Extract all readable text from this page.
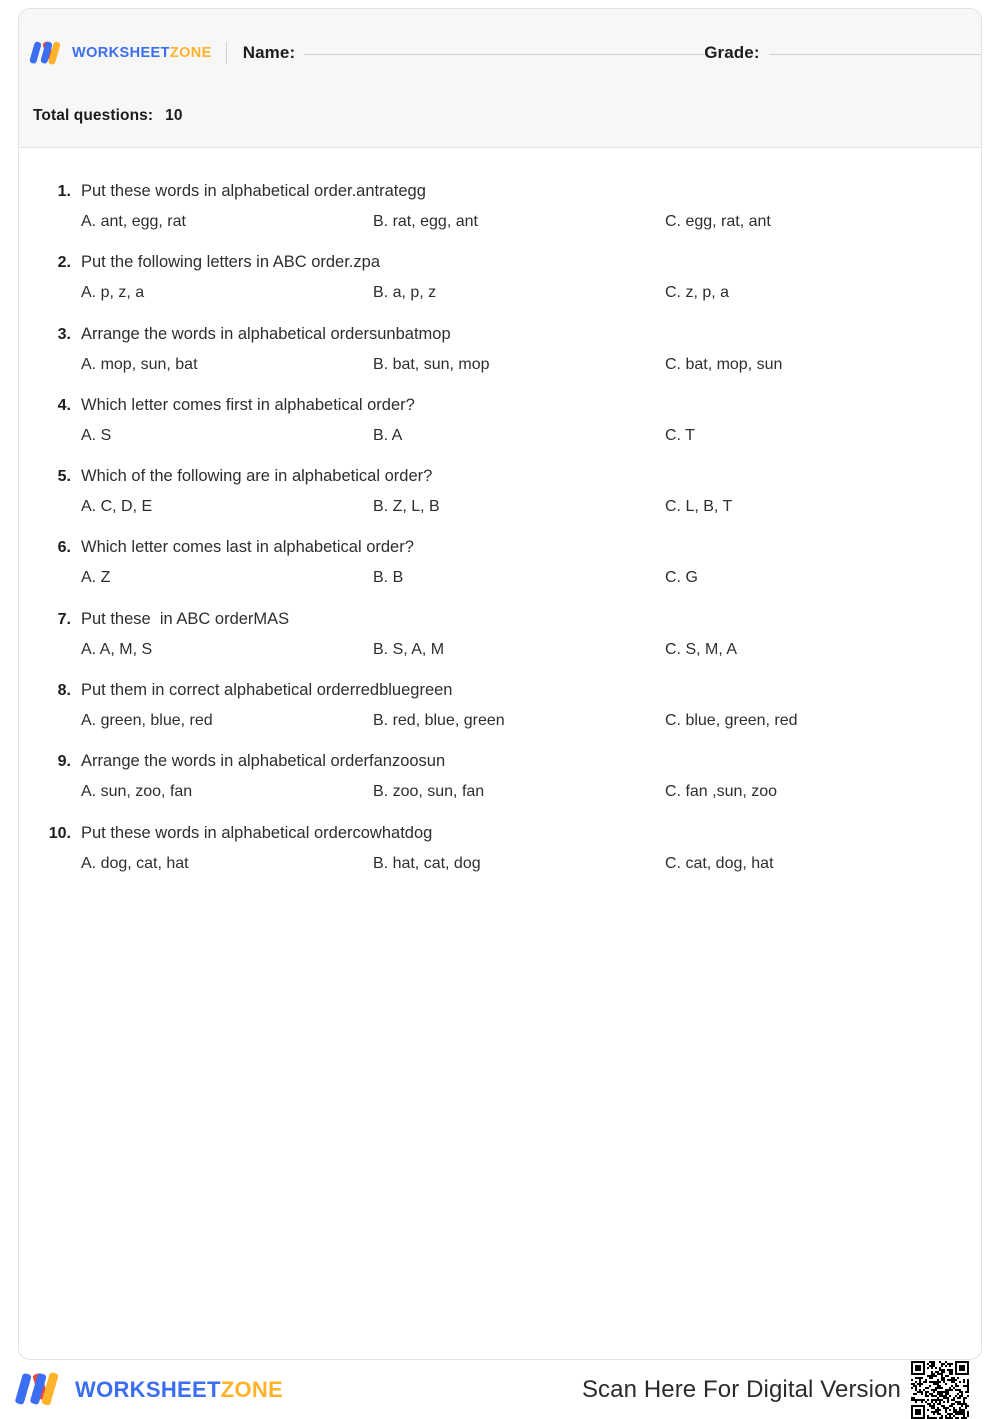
WORKSHEETZONE Name:	Grade:
Total questions: 10
1. Put these words in alphabetical order.antrategg
A. ant, egg, rat	B. rat, egg, ant	C. egg, rat, ant
2. Put the following letters in ABC order.zpa
A. p, z, a	B. a, p, z	C. z, p, a
3. Arrange the words in alphabetical ordersunbatmop
A. mop, sun, bat	B. bat, sun, mop	C. bat, mop, sun
4. Which letter comes first in alphabetical order?
A. S	B. A	C. T
5. Which of the following are in alphabetical order?
A. C, D, E	B. Z, L, B	C. L, B, T
6. Which letter comes last in alphabetical order?
A. Z	B. B	C. G
7. Put these  in ABC orderMAS
A. A, M, S	B. S, A, M	C. S, M, A
8. Put them in correct alphabetical orderredbluegreen
A. green, blue, red	B. red, blue, green	C. blue, green, red
9. Arrange the words in alphabetical orderfanzoosun
A. sun, zoo, fan	B. zoo, sun, fan	C. fan ,sun, zoo
10. Put these words in alphabetical ordercowhatdog
A. dog, cat, hat	B. hat, cat, dog	C. cat, dog, hat
WORKSHEETZONE	Scan Here For Digital Version
